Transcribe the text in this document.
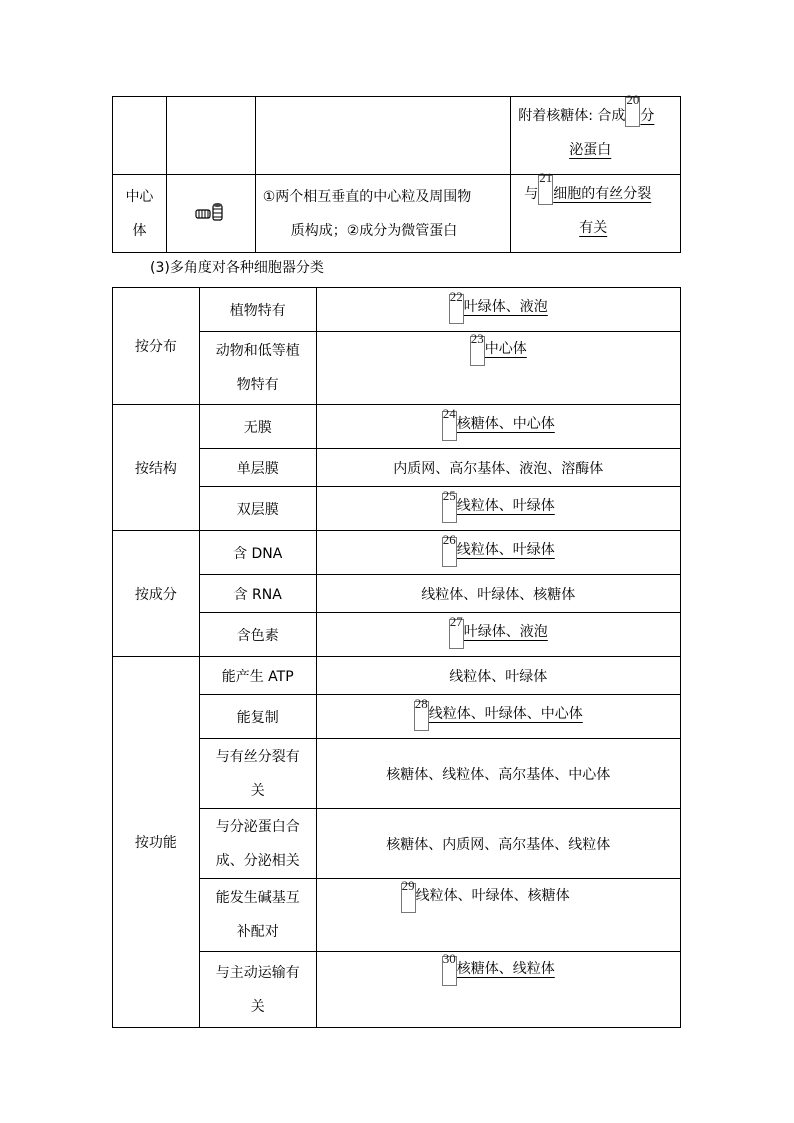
			附着核糖体: 合成
20
分
泌蛋白
中心
体		①两个相互垂直的中心粒及周围物
质构成；②成分为微管蛋白	与
21
细胞的有丝分裂
有关
(3)多角度对各种细胞器分类
按分布	植物特有	22
叶绿体、液泡
	动物和低等植
物特有	23
中心体
按结构	无膜	24
核糖体、中心体
	单层膜	内质网、高尔基体、液泡、溶酶体
	双层膜	25
线粒体、叶绿体
按成分	含 DNA	26
线粒体、叶绿体
	含 RNA	线粒体、叶绿体、核糖体
	含色素	27
叶绿体、液泡
按功能	能产生 ATP	线粒体、叶绿体
	能复制	28
线粒体、叶绿体、中心体
	与有丝分裂有
关	核糖体、线粒体、高尔基体、中心体
	与分泌蛋白合
成、分泌相关	核糖体、内质网、高尔基体、线粒体
	能发生碱基互
补配对	29
线粒体、叶绿体、核糖体
	与主动运输有
关	30
核糖体、线粒体
